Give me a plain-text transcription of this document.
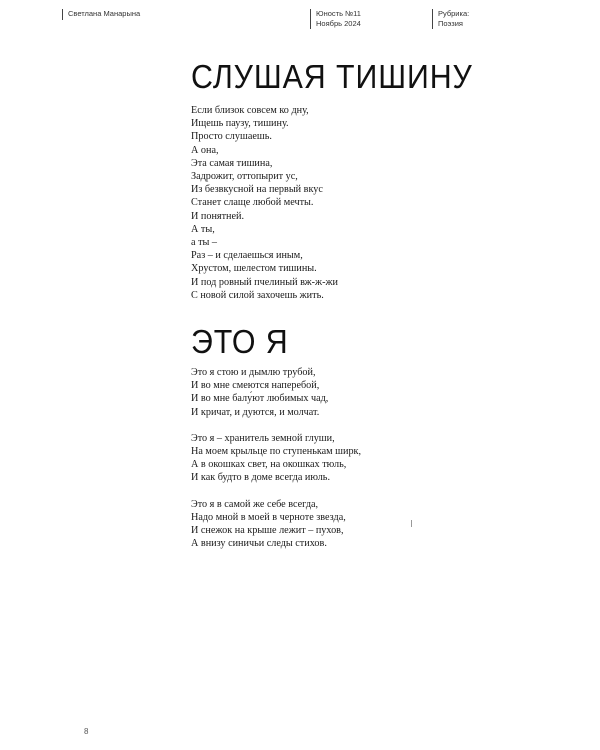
Светлана Манарына	Юность №11
Ноябрь 2024
Рубрика:
Поэзия
СЛУШАЯ ТИШИНУ
Если близок совсем ко дну,
Ищешь паузу, тишину.
Просто слушаешь.
А она,
Эта самая тишина,
Задрожит, оттопырит ус,
Из безвкусной на первый вкус
Станет слаще любой мечты.
И понятней.
А ты,
а ты –
Раз – и сделаешься иным,
Хрустом, шелестом тишины.
И под ровный пчелиный вж-ж-жи
С новой силой захочешь жить.
ЭТО Я
Это я стою и дымлю трубой,
И во мне смеются наперебой,
И во мне балу́ют любимых чад,
И кричат, и дуются, и молчат.
Это я – хранитель земной глуши,
На моем крыльце по ступенькам ширк,
А в окошках свет, на окошках тюль,
И как будто в доме всегда июль.
Это я в самой же себе всегда,
Надо мной в моей в черноте звезда,
И снежок на крыше лежит – пухов,
А внизу синичьи следы стихов.
8
